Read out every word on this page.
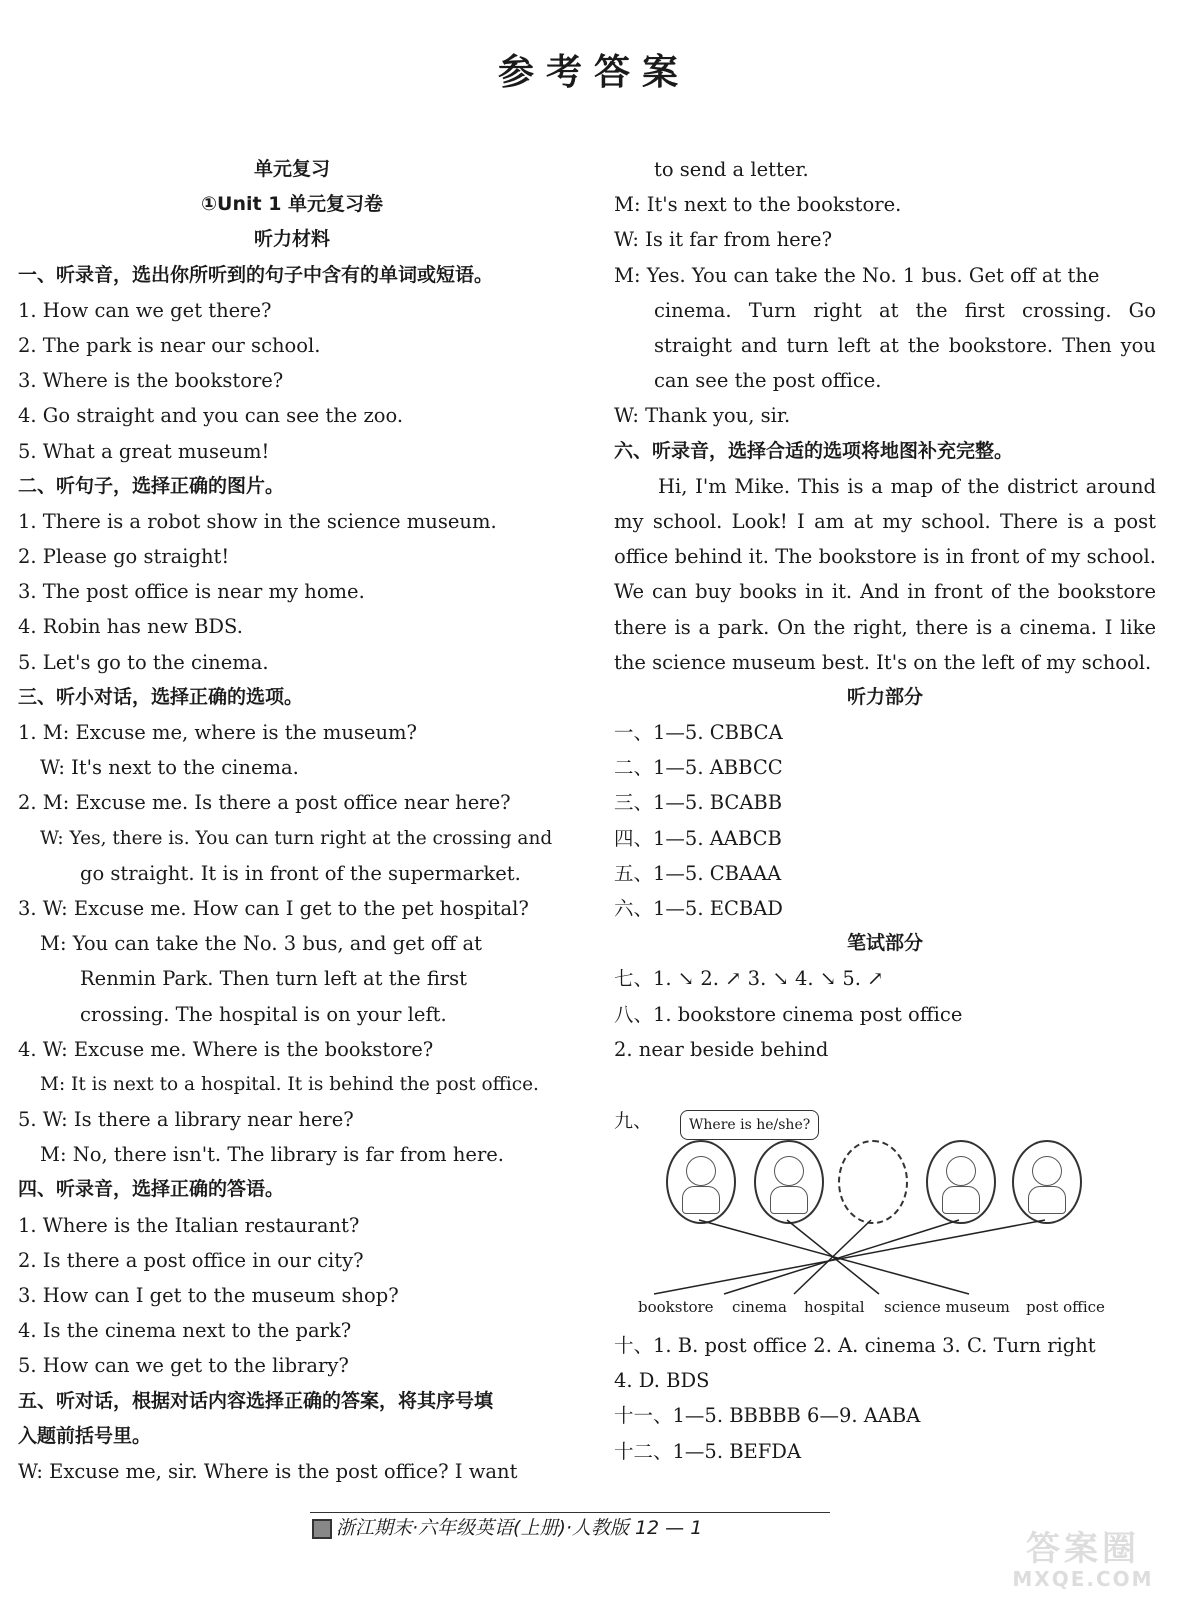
参考答案
单元复习
①Unit 1 单元复习卷
听力材料
一、听录音，选出你所听到的句子中含有的单词或短语。
1. How can we get there?
2. The park is near our school.
3. Where is the bookstore?
4. Go straight and you can see the zoo.
5. What a great museum!
二、听句子，选择正确的图片。
1. There is a robot show in the science museum.
2. Please go straight!
3. The post office is near my home.
4. Robin has new BDS.
5. Let's go to the cinema.
三、听小对话，选择正确的选项。
1. M: Excuse me, where is the museum?
W: It's next to the cinema.
2. M: Excuse me. Is there a post office near here?
W: Yes, there is. You can turn right at the crossing and
go straight. It is in front of the supermarket.
3. W: Excuse me. How can I get to the pet hospital?
M: You can take the No. 3 bus, and get off at
Renmin Park. Then turn left at the first
crossing. The hospital is on your left.
4. W: Excuse me. Where is the bookstore?
M: It is next to a hospital. It is behind the post office.
5. W: Is there a library near here?
M: No, there isn't. The library is far from here.
四、听录音，选择正确的答语。
1. Where is the Italian restaurant?
2. Is there a post office in our city?
3. How can I get to the museum shop?
4. Is the cinema next to the park?
5. How can we get to the library?
五、听对话，根据对话内容选择正确的答案，将其序号填
入题前括号里。
W: Excuse me, sir. Where is the post office? I want
to send a letter.
M: It's next to the bookstore.
W: Is it far from here?
M: Yes. You can take the No. 1 bus. Get off at the
cinema. Turn right at the first crossing. Go straight and turn left at the bookstore. Then you can see the post office.
W: Thank you, sir.
六、听录音，选择合适的选项将地图补充完整。
Hi, I'm Mike. This is a map of the district around my school. Look! I am at my school. There is a post office behind it. The bookstore is in front of my school. We can buy books in it. And in front of the bookstore there is a park. On the right, there is a cinema. I like the science museum best. It's on the left of my school.
听力部分
一、1—5. CBBCA
二、1—5. ABBCC
三、1—5. BCABB
四、1—5. AABCB
五、1—5. CBAAA
六、1—5. ECBAD
笔试部分
七、1. ↘ 2. ↗ 3. ↘ 4. ↘ 5. ↗
八、1. bookstore cinema post office
2. near beside behind
九、	Where is he/she?
bookstore cinema hospital science museum post office
十、1. B. post office 2. A. cinema 3. C. Turn right
4. D. BDS
十一、1—5. BBBBB 6—9. AABA
十二、1—5. BEFDA
浙江期末·六年级英语(上册)·人教版 12 — 1
答案圈
MXQE.COM
